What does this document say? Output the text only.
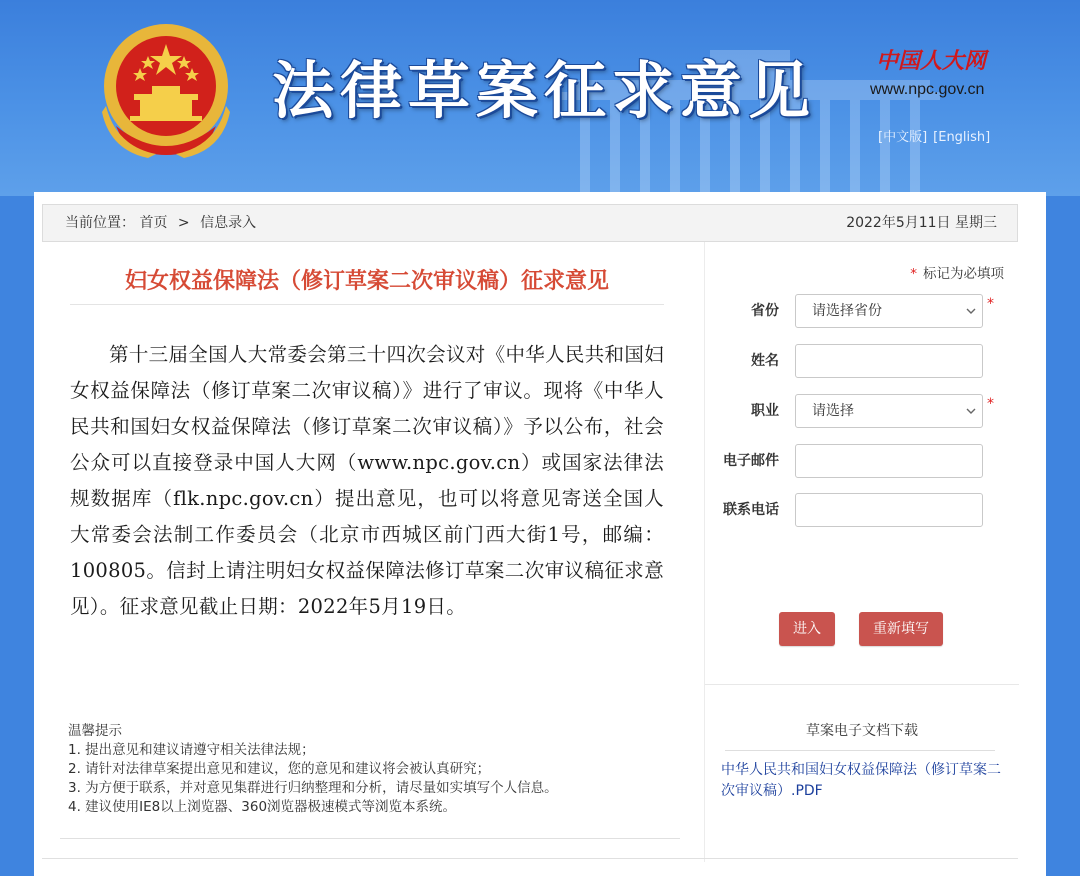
法律草案征求意见	中国人大网
www.npc.gov.cn
[中文版] [English]
当前位置： 首页 > 信息录入	2022年5月11日 星期三
妇女权益保障法（修订草案二次审议稿）征求意见
第十三届全国人大常委会第三十四次会议对《中华人民共和国妇女权益保障法（修订草案二次审议稿）》进行了审议。现将《中华人民共和国妇女权益保障法（修订草案二次审议稿）》予以公布，社会公众可以直接登录中国人大网（www.npc.gov.cn）或国家法律法规数据库（flk.npc.gov.cn）提出意见，也可以将意见寄送全国人大常委会法制工作委员会（北京市西城区前门西大街1号，邮编：100805。信封上请注明妇女权益保障法修订草案二次审议稿征求意见）。征求意见截止日期：2022年5月19日。
温馨提示
1. 提出意见和建议请遵守相关法律法规；
2. 请针对法律草案提出意见和建议，您的意见和建议将会被认真研究；
3. 为方便于联系，并对意见集群进行归纳整理和分析，请尽量如实填写个人信息。
4. 建议使用IE8以上浏览器、360浏览器极速模式等浏览本系统。
* 标记为必填项
省份	请选择省份	*
姓名
职业	请选择	*
电子邮件
联系电话
进入	重新填写
草案电子文档下载
中华人民共和国妇女权益保障法（修订草案二次审议稿）.PDF
